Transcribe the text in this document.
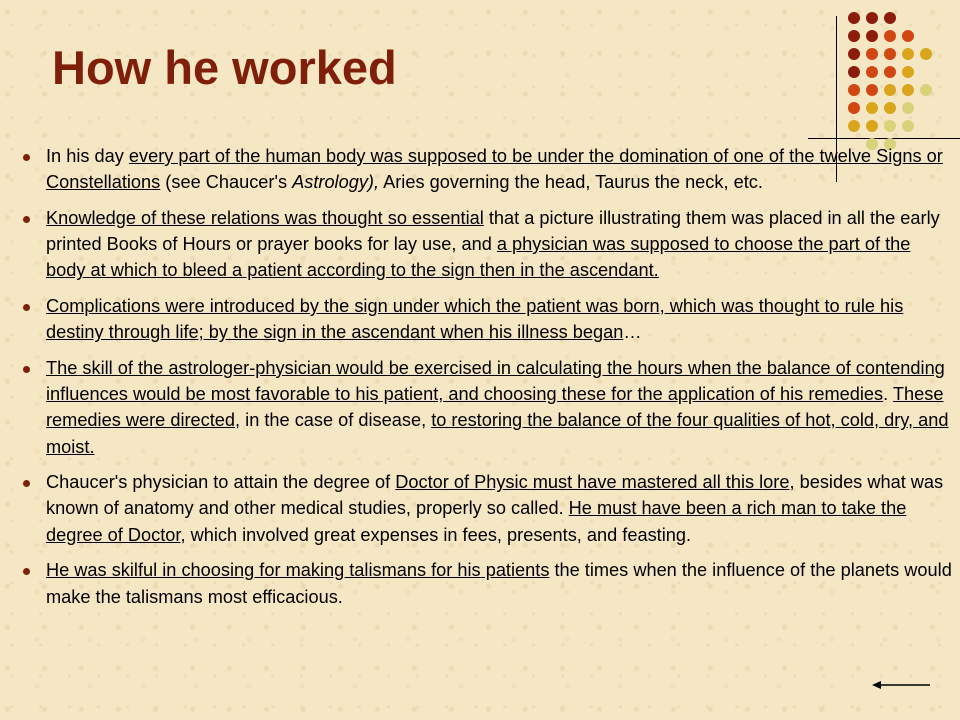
How he worked
In his day every part of the human body was supposed to be under the domination of one of the twelve Signs or Constellations (see Chaucer's Astrology), Aries governing the head, Taurus the neck, etc.
Knowledge of these relations was thought so essential that a picture illustrating them was placed in all the early printed Books of Hours or prayer books for lay use, and a physician was supposed to choose the part of the body at which to bleed a patient according to the sign then in the ascendant.
Complications were introduced by the sign under which the patient was born, which was thought to rule his destiny through life; by the sign in the ascendant when his illness began…
The skill of the astrologer-physician would be exercised in calculating the hours when the balance of contending influences would be most favorable to his patient, and choosing these for the application of his remedies. These remedies were directed, in the case of disease, to restoring the balance of the four qualities of hot, cold, dry, and moist.
Chaucer's physician to attain the degree of Doctor of Physic must have mastered all this lore, besides what was known of anatomy and other medical studies, properly so called. He must have been a rich man to take the degree of Doctor, which involved great expenses in fees, presents, and feasting.
He was skilful in choosing for making talismans for his patients the times when the influence of the planets would make the talismans most efficacious.
